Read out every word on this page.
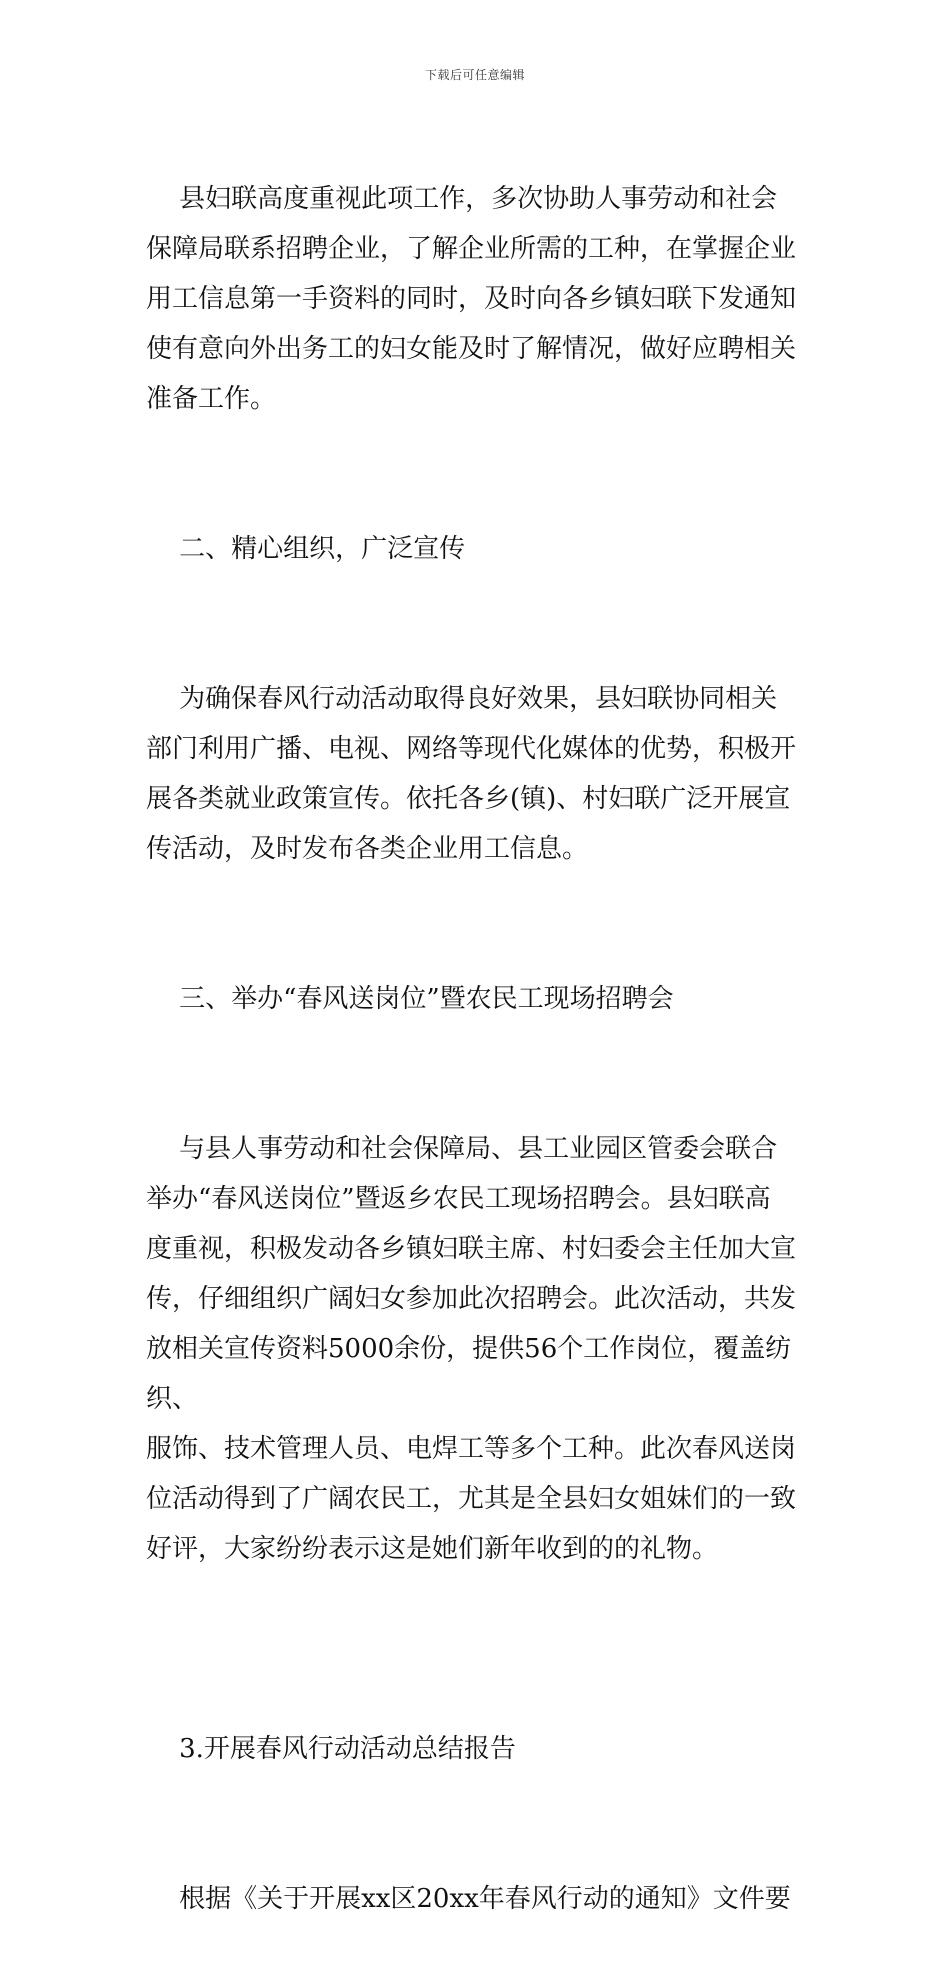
下载后可任意编辑

县妇联高度重视此项工作，多次协助人事劳动和社会
保障局联系招聘企业，了解企业所需的工种，在掌握企业
用工信息第一手资料的同时，及时向各乡镇妇联下发通知
使有意向外出务工的妇女能及时了解情况，做好应聘相关
准备工作。

二、精心组织，广泛宣传

为确保春风行动活动取得良好效果，县妇联协同相关
部门利用广播、电视、网络等现代化媒体的优势，积极开
展各类就业政策宣传。依托各乡(镇)、村妇联广泛开展宣
传活动，及时发布各类企业用工信息。

三、举办“春风送岗位”暨农民工现场招聘会

与县人事劳动和社会保障局、县工业园区管委会联合
举办“春风送岗位”暨返乡农民工现场招聘会。县妇联高
度重视，积极发动各乡镇妇联主席、村妇委会主任加大宣
传，仔细组织广阔妇女参加此次招聘会。此次活动，共发
放相关宣传资料5000余份，提供56个工作岗位，覆盖纺织、
服饰、技术管理人员、电焊工等多个工种。此次春风送岗
位活动得到了广阔农民工，尤其是全县妇女姐妹们的一致
好评，大家纷纷表示这是她们新年收到的的礼物。

3.开展春风行动活动总结报告

根据《关于开展xx区20xx年春风行动的通知》文件要
